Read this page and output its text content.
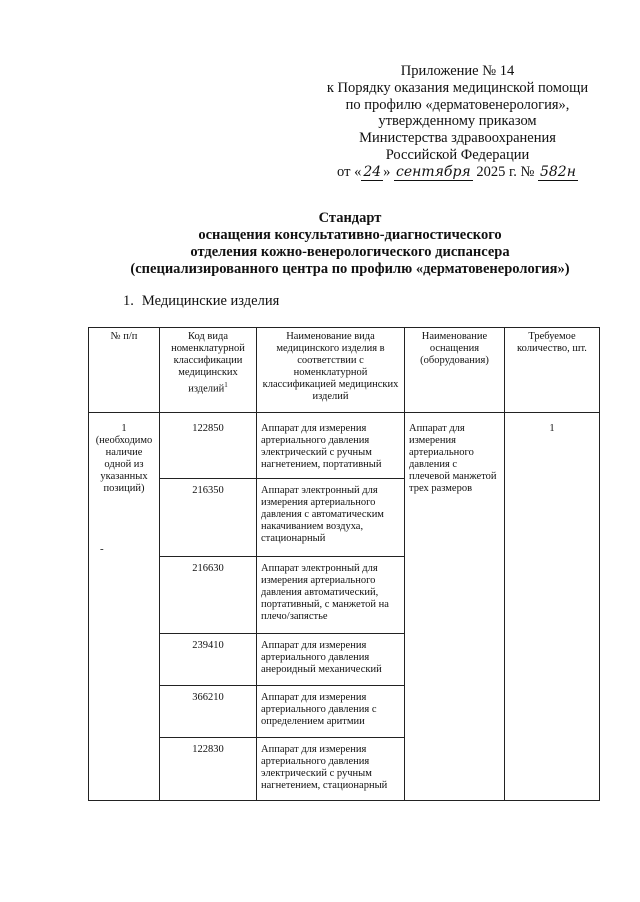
Приложение № 14
к Порядку оказания медицинской помощи
по профилю «дерматовенерология»,
утвержденному приказом
Министерства здравоохранения
Российской Федерации
от « 24 » сентября 2025 г. № 582н
Стандарт
оснащения консультативно-диагностического
отделения кожно-венерологического диспансера
(специализированного центра по профилю «дерматовенерология»)
1. Медицинские изделия
-
№ п/п	Код вида номенклатурной классификации медицинских изделий$^1$	Наименование вида медицинского изделия в соответствии с номенклатурной классификацией медицинских изделий	Наименование оснащения (оборудования)	Требуемое количество, шт.

1
(необходимо наличие одной из указанных позиций)	122850	Аппарат для измерения артериального давления электрический с ручным нагнетением, портативный	Аппарат для измерения артериального давления с плечевой манжетой трех размеров	1
	216350	Аппарат электронный для измерения артериального давления с автоматическим накачиванием воздуха, стационарный		
	216630	Аппарат электронный для измерения артериального давления автоматический, портативный, с манжетой на плечо/запястье		
	239410	Аппарат для измерения артериального давления анероидный механический		
	366210	Аппарат для измерения артериального давления с определением аритмии		
	122830	Аппарат для измерения артериального давления электрический с ручным нагнетением, стационарный		
